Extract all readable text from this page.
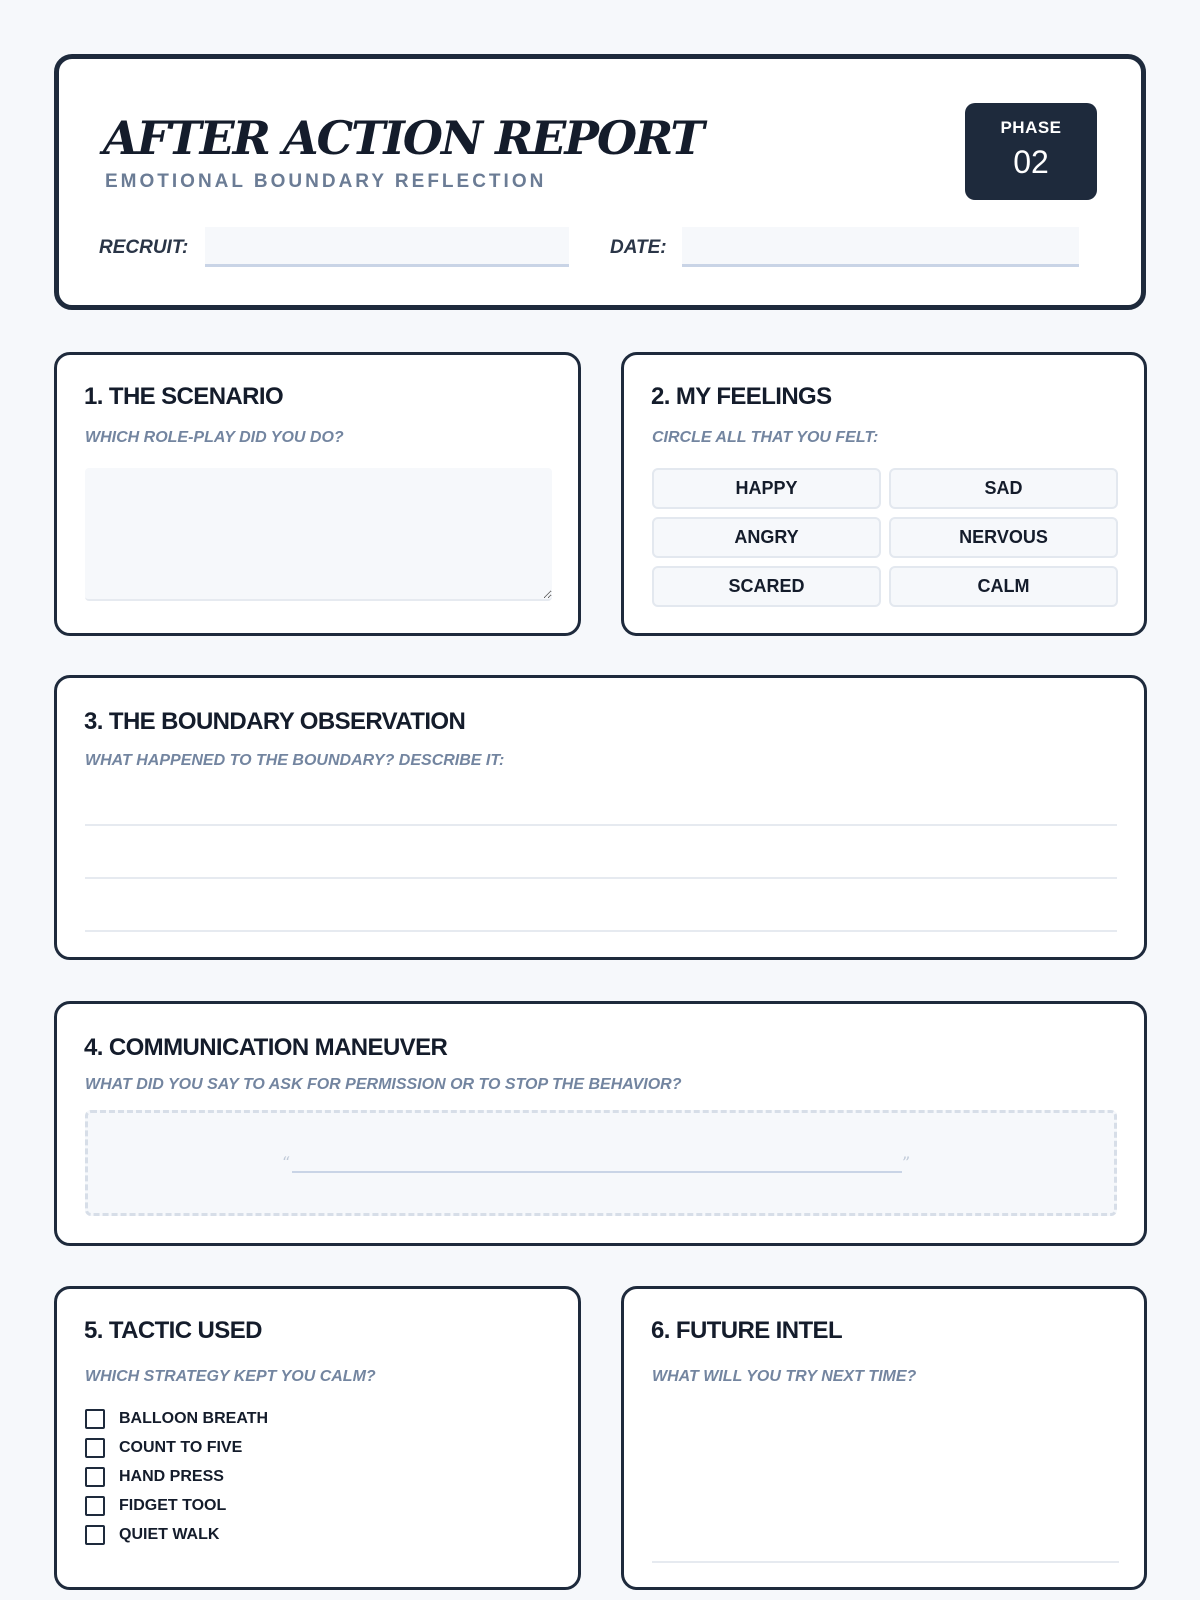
AFTER ACTION REPORT
EMOTIONAL BOUNDARY REFLECTION
PHASE
02
RECRUIT:	DATE:
1. THE SCENARIO
WHICH ROLE-PLAY DID YOU DO?
2. MY FEELINGS
CIRCLE ALL THAT YOU FELT:
HAPPY	SAD
ANGRY	NERVOUS
SCARED	CALM
3. THE BOUNDARY OBSERVATION
WHAT HAPPENED TO THE BOUNDARY? DESCRIBE IT:
4. COMMUNICATION MANEUVER
WHAT DID YOU SAY TO ASK FOR PERMISSION OR TO STOP THE BEHAVIOR?
“	”
5. TACTIC USED
WHICH STRATEGY KEPT YOU CALM?
BALLOON BREATH
COUNT TO FIVE
HAND PRESS
FIDGET TOOL
QUIET WALK
6. FUTURE INTEL
WHAT WILL YOU TRY NEXT TIME?
